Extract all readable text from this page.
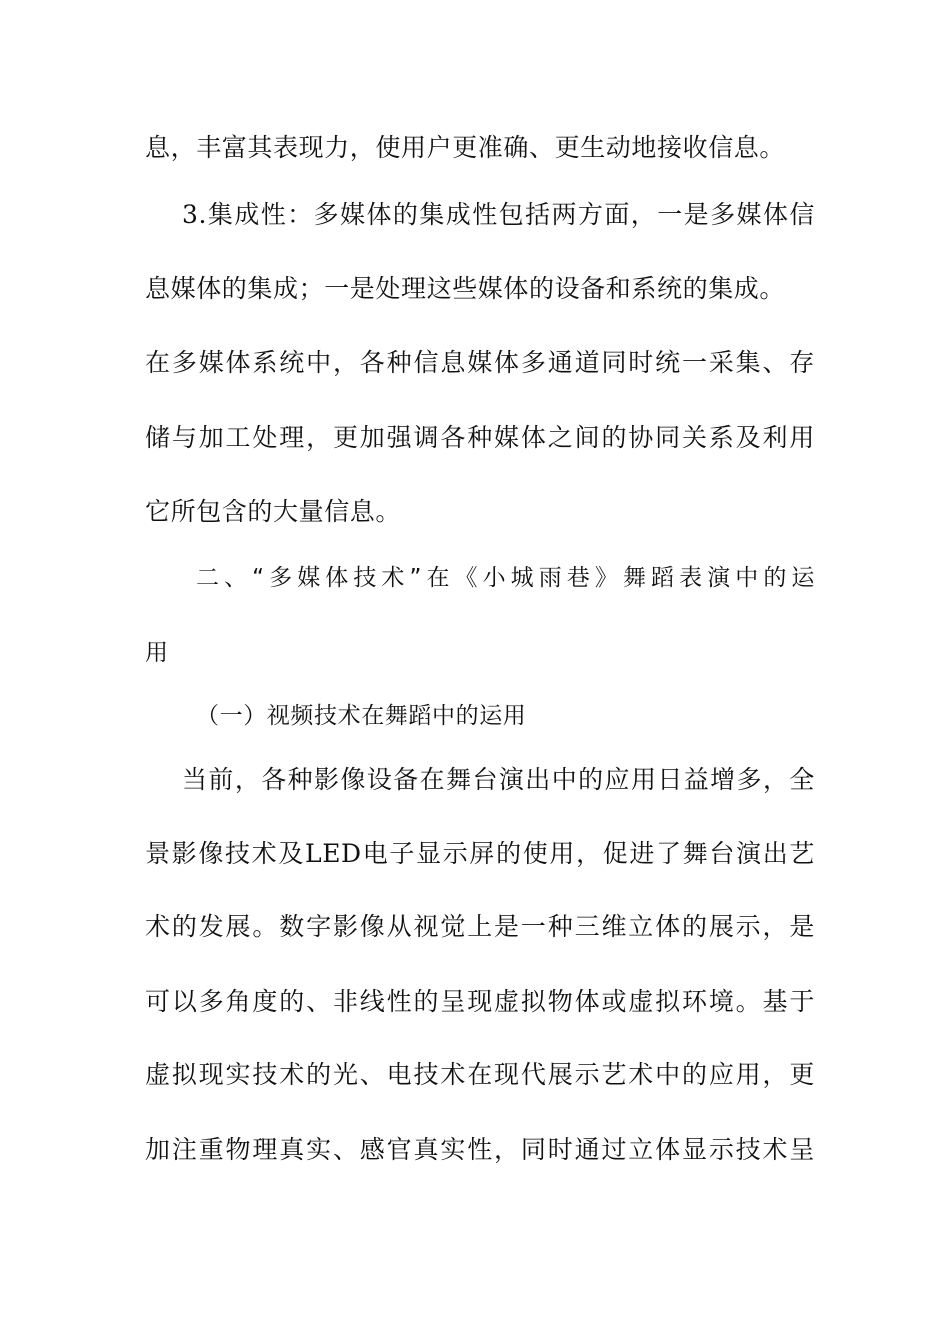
息，丰富其表现力，使用户更准确、更生动地接收信息。
3.集成性：多媒体的集成性包括两方面，一是多媒体信
息媒体的集成；一是处理这些媒体的设备和系统的集成。
在多媒体系统中，各种信息媒体多通道同时统一采集、存
储与加工处理，更加强调各种媒体之间的协同关系及利用
它所包含的大量信息。
二、“多媒体技术”在《小城雨巷》舞蹈表演中的运
用
（一）视频技术在舞蹈中的运用
当前，各种影像设备在舞台演出中的应用日益增多，全
景影像技术及LED电子显示屏的使用，促进了舞台演出艺
术的发展。数字影像从视觉上是一种三维立体的展示，是
可以多角度的、非线性的呈现虚拟物体或虚拟环境。基于
虚拟现实技术的光、电技术在现代展示艺术中的应用，更
加注重物理真实、感官真实性，同时通过立体显示技术呈
